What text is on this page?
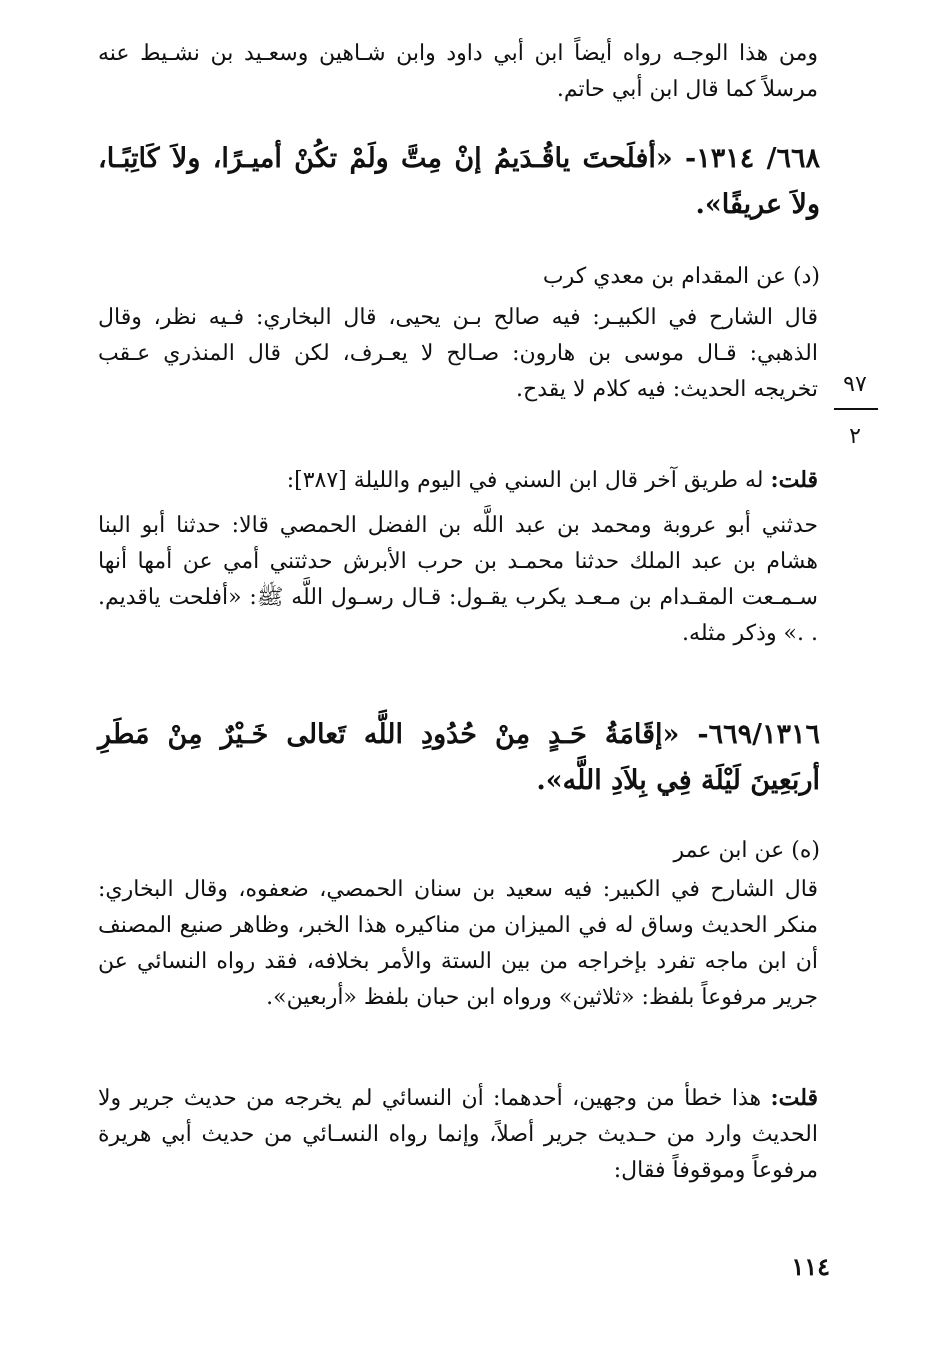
ومن هذا الوجـه رواه أيضاً ابن أبي داود وابن شـاهين وسعـيد بن نشـيط عنه مرسلاً كما قال ابن أبي حاتم.

٦٦٨/ ١٣١٤- «أفلَحتَ ياقُـدَيمُ إنْ مِتَّ ولَمْ تكُنْ أميـرًا، ولاَ كَاتِبًـا، ولاَ عريفًا».

(د) عن المقدام بن معدي كرب

قال الشارح في الكبيـر: فيه صالح بـن يحيى، قال البخاري: فـيه نظر، وقال الذهبي: قـال موسى بن هارون: صـالح لا يعـرف، لكن قال المنذري عـقب تخريجه الحديث: فيه كلام لا يقدح.

قلت: له طريق آخر قال ابن السني في اليوم والليلة [٣٨٧]:

حدثني أبو عروبة ومحمد بن عبد اللَّه بن الفضل الحمصي قالا: حدثنا أبو البنا هشام بن عبد الملك حدثنا محمـد بن حرب الأبرش حدثتني أمي عن أمها أنها سـمـعت المقـدام بن مـعـد يكرب يقـول: قـال رسـول اللَّه ﷺ: «أفلحت ياقديم. . .» وذكر مثله.

٦٦٩/١٣١٦- «إقَامَةُ حَـدٍ مِنْ حُدُودِ اللَّه تَعالى خَـيْرٌ مِنْ مَطَرِ أربَعِينَ لَيْلَة فِي بِلاَدِ اللَّه».

(ه) عن ابن عمر

قال الشارح في الكبير: فيه سعيد بن سنان الحمصي، ضعفوه، وقال البخاري: منكر الحديث وساق له في الميزان من مناكيره هذا الخبر، وظاهر صنيع المصنف أن ابن ماجه تفرد بإخراجه من بين الستة والأمر بخلافه، فقد رواه النسائي عن جرير مرفوعاً بلفظ: «ثلاثين» ورواه ابن حبان بلفظ «أربعين».

قلت: هذا خطأ من وجهين، أحدهما: أن النسائي لم يخرجه من حديث جرير ولا الحديث وارد من حـديث جرير أصلاً، وإنما رواه النسـائي من حديث أبي هريرة مرفوعاً وموقوفاً فقال:

٩٧
٢
١١٤
